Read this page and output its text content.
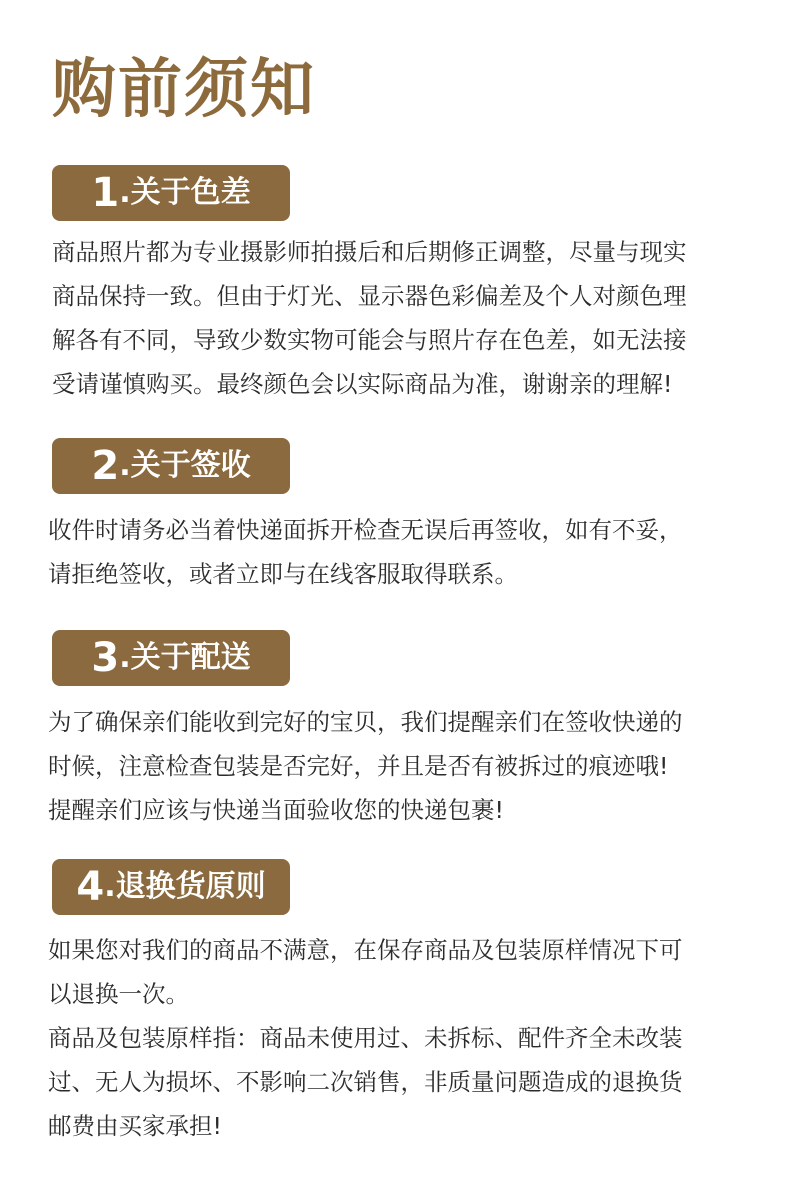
购前须知
1 . 关于色差

商品照片都为专业摄影师拍摄后和后期修正调整，尽量与现实

商品保持一致。但由于灯光、显示器色彩偏差及个人对颜色理

解各有不同，导致少数实物可能会与照片存在色差，如无法接

受请谨慎购买。最终颜色会以实际商品为准，谢谢亲的理解!

2 . 关于签收

收件时请务必当着快递面拆开检查无误后再签收，如有不妥，

请拒绝签收，或者立即与在线客服取得联系。

3 . 关于配送

为了确保亲们能收到完好的宝贝，我们提醒亲们在签收快递的

时候，注意检查包装是否完好，并且是否有被拆过的痕迹哦!

提醒亲们应该与快递当面验收您的快递包裹!

4 . 退换货原则

如果您对我们的商品不满意，在保存商品及包装原样情况下可

以退换一次。

商品及包装原样指：商品未使用过、未拆标、配件齐全未改装

过、无人为损坏、不影响二次销售，非质量问题造成的退换货

邮费由买家承担!
